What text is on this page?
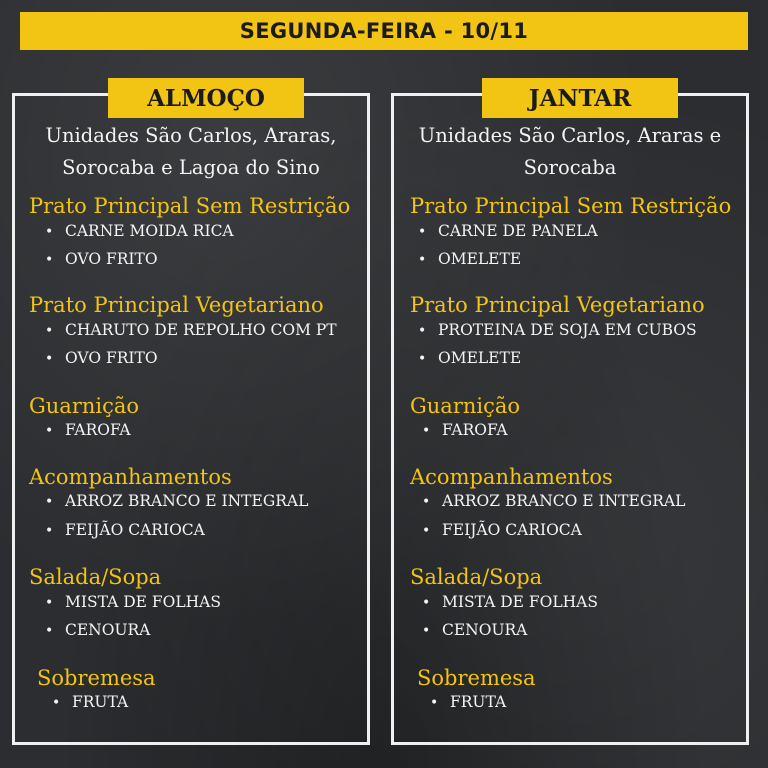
SEGUNDA-FEIRA - 10/11
ALMOÇO
Unidades São Carlos, Araras,
Sorocaba e Lagoa do Sino
Prato Principal Sem Restrição
• CARNE MOIDA RICA
• OVO FRITO
Prato Principal Vegetariano
• CHARUTO DE REPOLHO COM PT
• OVO FRITO
Guarnição
• FAROFA
Acompanhamentos
• ARROZ BRANCO E INTEGRAL
• FEIJÃO CARIOCA
Salada/Sopa
• MISTA DE FOLHAS
• CENOURA
Sobremesa
• FRUTA
JANTAR
Unidades São Carlos, Araras e
Sorocaba
Prato Principal Sem Restrição
• CARNE DE PANELA
• OMELETE
Prato Principal Vegetariano
• PROTEINA DE SOJA EM CUBOS
• OMELETE
Guarnição
• FAROFA
Acompanhamentos
• ARROZ BRANCO E INTEGRAL
• FEIJÃO CARIOCA
Salada/Sopa
• MISTA DE FOLHAS
• CENOURA
Sobremesa
• FRUTA
